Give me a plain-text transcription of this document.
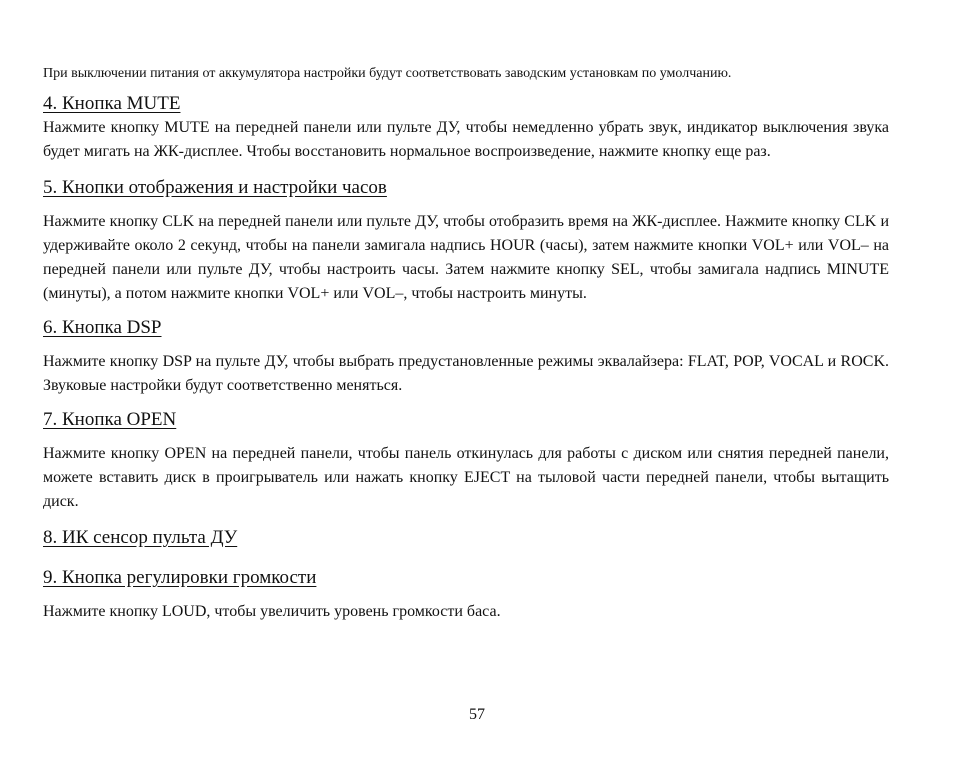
При выключении питания от аккумулятора настройки будут соответствовать заводским установкам по умолчанию.

4. Кнопка MUTE

Нажмите кнопку MUTE на передней панели или пульте ДУ, чтобы немедленно убрать звук, индикатор выключения звука будет мигать на ЖК-дисплее. Чтобы восстановить нормальное воспроизведение, нажмите кнопку еще раз.

5. Кнопки отображения и настройки часов

Нажмите кнопку CLK на передней панели или пульте ДУ, чтобы отобразить время на ЖК-дисплее. Нажмите кнопку CLK и удерживайте около 2 секунд, чтобы на панели замигала надпись HOUR (часы), затем нажмите кнопки VOL+ или VOL– на передней панели или пульте ДУ, чтобы настроить часы. Затем нажмите кнопку SEL, чтобы замигала надпись MINUTE (минуты), а потом нажмите кнопки VOL+ или VOL–, чтобы настроить минуты.

6. Кнопка DSP

Нажмите кнопку DSP на пульте ДУ, чтобы выбрать предустановленные режимы эквалайзера: FLAT, POP, VOCAL и ROCK. Звуковые настройки будут соответственно меняться.

7. Кнопка OPEN

Нажмите кнопку OPEN на передней панели, чтобы панель откинулась для работы с диском или снятия передней панели, можете вставить диск в проигрыватель или нажать кнопку EJECT на тыловой части передней панели, чтобы вытащить диск.

8. ИК сенсор пульта ДУ
9. Кнопка регулировки громкости

Нажмите кнопку LOUD, чтобы увеличить уровень громкости баса.

57
